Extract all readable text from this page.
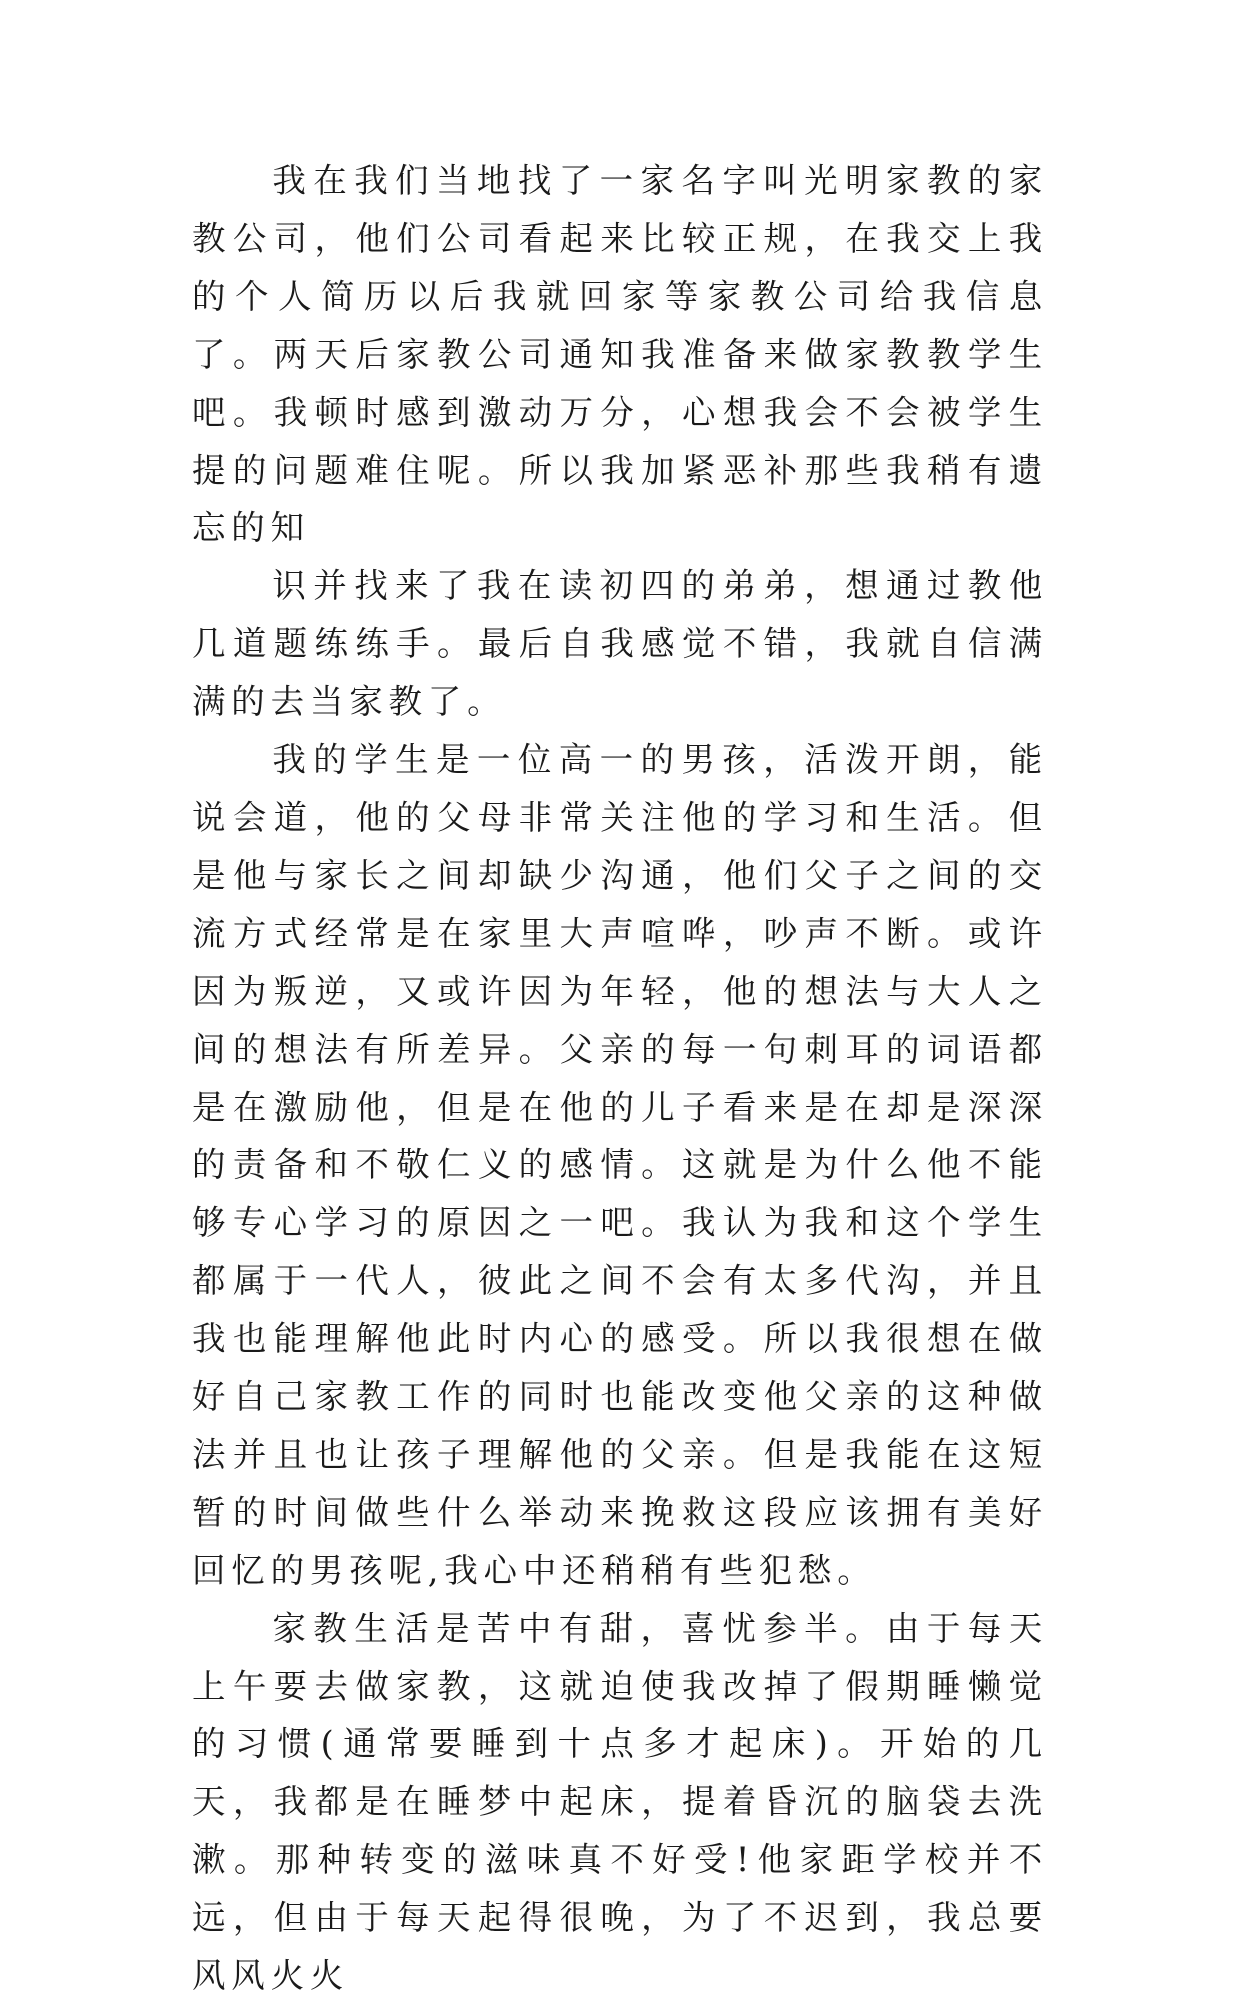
我在我们当地找了一家名字叫光明家教的家教公司，他们公司看起来比较正规，在我交上我的个人简历以后我就回家等家教公司给我信息了。两天后家教公司通知我准备来做家教教学生吧。我顿时感到激动万分，心想我会不会被学生提的问题难住呢。所以我加紧恶补那些我稍有遗忘的知

识并找来了我在读初四的弟弟，想通过教他几道题练练手。最后自我感觉不错，我就自信满满的去当家教了。

我的学生是一位高一的男孩，活泼开朗，能说会道，他的父母非常关注他的学习和生活。但是他与家长之间却缺少沟通，他们父子之间的交流方式经常是在家里大声喧哗，吵声不断。或许因为叛逆，又或许因为年轻，他的想法与大人之间的想法有所差异。父亲的每一句刺耳的词语都是在激励他，但是在他的儿子看来是在却是深深的责备和不敬仁义的感情。这就是为什么他不能够专心学习的原因之一吧。我认为我和这个学生都属于一代人，彼此之间不会有太多代沟，并且我也能理解他此时内心的感受。所以我很想在做好自己家教工作的同时也能改变他父亲的这种做法并且也让孩子理解他的父亲。但是我能在这短暂的时间做些什么举动来挽救这段应该拥有美好回忆的男孩呢,我心中还稍稍有些犯愁。

家教生活是苦中有甜，喜忧参半。由于每天上午要去做家教，这就迫使我改掉了假期睡懒觉的习惯(通常要睡到十点多才起床)。开始的几天，我都是在睡梦中起床，提着昏沉的脑袋去洗漱。那种转变的滋味真不好受!他家距学校并不远，但由于每天起得很晚，为了不迟到，我总要风风火火
